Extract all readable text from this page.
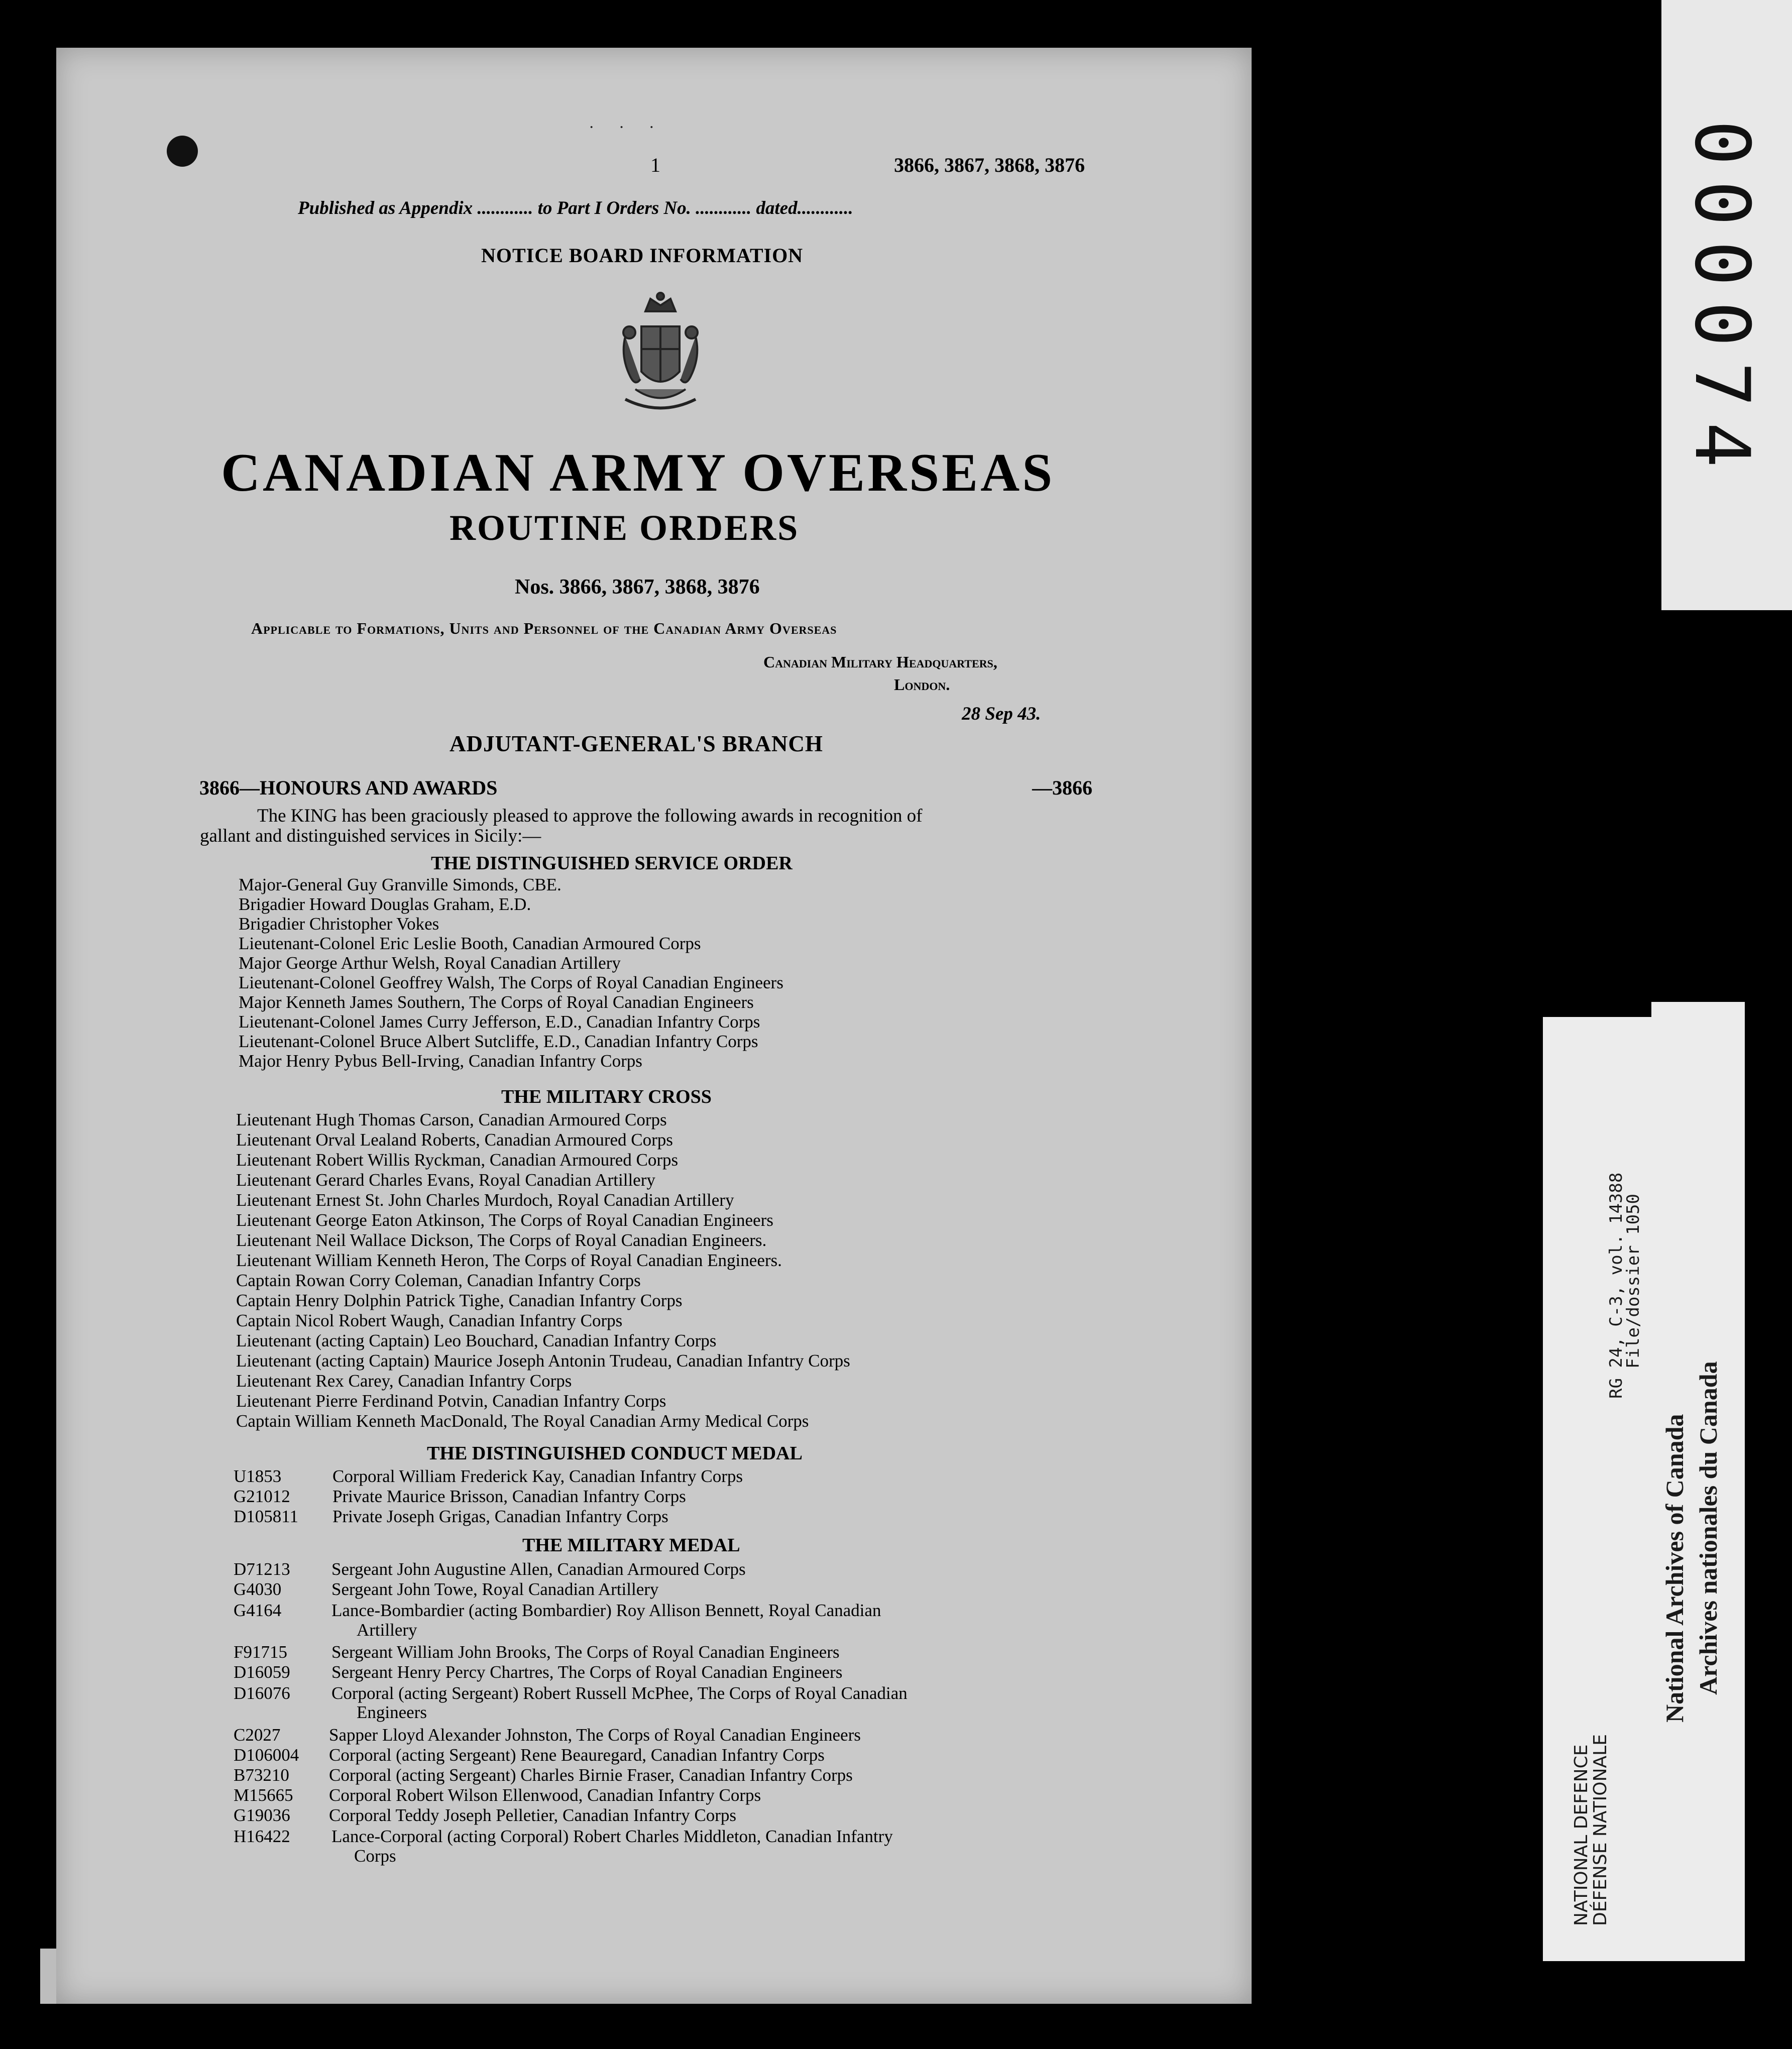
· · ·
1	3866, 3867, 3868, 3876
Published as Appendix ............ to Part I Orders No. ............ dated............
NOTICE BOARD INFORMATION
CANADIAN ARMY OVERSEAS
ROUTINE ORDERS
Nos. 3866, 3867, 3868, 3876
Applicable to Formations, Units and Personnel of the Canadian Army Overseas
Canadian Military Headquarters,
London.
28 Sep 43.
ADJUTANT-GENERAL'S BRANCH
3866—HONOURS AND AWARDS	—3866
The KING has been graciously pleased to approve the following awards in recognition of
gallant and distinguished services in Sicily:—
THE DISTINGUISHED SERVICE ORDER
Major-General Guy Granville Simonds, CBE.
Brigadier Howard Douglas Graham, E.D.
Brigadier Christopher Vokes
Lieutenant-Colonel Eric Leslie Booth, Canadian Armoured Corps
Major George Arthur Welsh, Royal Canadian Artillery
Lieutenant-Colonel Geoffrey Walsh, The Corps of Royal Canadian Engineers
Major Kenneth James Southern, The Corps of Royal Canadian Engineers
Lieutenant-Colonel James Curry Jefferson, E.D., Canadian Infantry Corps
Lieutenant-Colonel Bruce Albert Sutcliffe, E.D., Canadian Infantry Corps
Major Henry Pybus Bell-Irving, Canadian Infantry Corps
THE MILITARY CROSS
Lieutenant Hugh Thomas Carson, Canadian Armoured Corps
Lieutenant Orval Lealand Roberts, Canadian Armoured Corps
Lieutenant Robert Willis Ryckman, Canadian Armoured Corps
Lieutenant Gerard Charles Evans, Royal Canadian Artillery
Lieutenant Ernest St. John Charles Murdoch, Royal Canadian Artillery
Lieutenant George Eaton Atkinson, The Corps of Royal Canadian Engineers
Lieutenant Neil Wallace Dickson, The Corps of Royal Canadian Engineers.
Lieutenant William Kenneth Heron, The Corps of Royal Canadian Engineers.
Captain Rowan Corry Coleman, Canadian Infantry Corps
Captain Henry Dolphin Patrick Tighe, Canadian Infantry Corps
Captain Nicol Robert Waugh, Canadian Infantry Corps
Lieutenant (acting Captain) Leo Bouchard, Canadian Infantry Corps
Lieutenant (acting Captain) Maurice Joseph Antonin Trudeau, Canadian Infantry Corps
Lieutenant Rex Carey, Canadian Infantry Corps
Lieutenant Pierre Ferdinand Potvin, Canadian Infantry Corps
Captain William Kenneth MacDonald, The Royal Canadian Army Medical Corps
THE DISTINGUISHED CONDUCT MEDAL
U1853	Corporal William Frederick Kay, Canadian Infantry Corps
G21012 Private Maurice Brisson, Canadian Infantry Corps
D105811 Private Joseph Grigas, Canadian Infantry Corps
THE MILITARY MEDAL
D71213 Sergeant John Augustine Allen, Canadian Armoured Corps
G4030	Sergeant John Towe, Royal Canadian Artillery
G4164	Lance-Bombardier (acting Bombardier) Roy Allison Bennett, Royal Canadian
Artillery
F91715	Sergeant William John Brooks, The Corps of Royal Canadian Engineers
D16059 Sergeant Henry Percy Chartres, The Corps of Royal Canadian Engineers
D16076 Corporal (acting Sergeant) Robert Russell McPhee, The Corps of Royal Canadian
Engineers
C2027	Sapper Lloyd Alexander Johnston, The Corps of Royal Canadian Engineers
D106004 Corporal (acting Sergeant) Rene Beauregard, Canadian Infantry Corps
B73210 Corporal (acting Sergeant) Charles Birnie Fraser, Canadian Infantry Corps
M15665 Corporal Robert Wilson Ellenwood, Canadian Infantry Corps
G19036 Corporal Teddy Joseph Pelletier, Canadian Infantry Corps
H16422 Lance-Corporal (acting Corporal) Robert Charles Middleton, Canadian Infantry
Corps
000074
RG 24, C-3, vol. 14388
File/dossier 1050
NATIONAL DEFENCE
DÉFENSE NATIONALE
National Archives of Canada Archives nationales du Canada
